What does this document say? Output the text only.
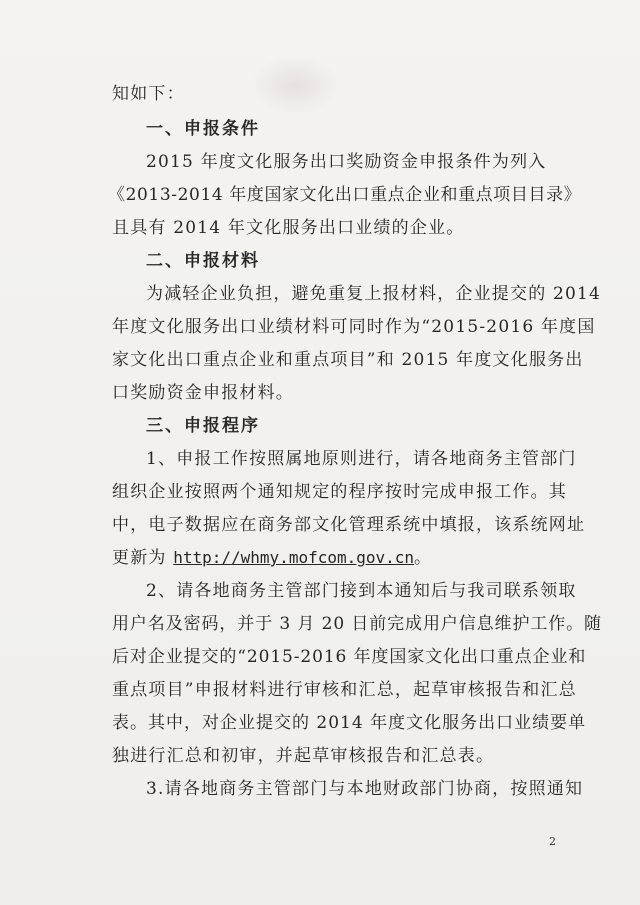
知如下：
一、申报条件
2015 年度文化服务出口奖励资金申报条件为列入
《2013-2014 年度国家文化出口重点企业和重点项目目录》
且具有 2014 年文化服务出口业绩的企业。
二、申报材料
为减轻企业负担，避免重复上报材料，企业提交的 2014
年度文化服务出口业绩材料可同时作为“2015-2016 年度国
家文化出口重点企业和重点项目”和 2015 年度文化服务出
口奖励资金申报材料。
三、申报程序
1、申报工作按照属地原则进行，请各地商务主管部门
组织企业按照两个通知规定的程序按时完成申报工作。其
中，电子数据应在商务部文化管理系统中填报，该系统网址
更新为 http://whmy.mofcom.gov.cn。
2、请各地商务主管部门接到本通知后与我司联系领取
用户名及密码，并于 3 月 20 日前完成用户信息维护工作。随
后对企业提交的“2015-2016 年度国家文化出口重点企业和
重点项目”申报材料进行审核和汇总，起草审核报告和汇总
表。其中，对企业提交的 2014 年度文化服务出口业绩要单
独进行汇总和初审，并起草审核报告和汇总表。
3.请各地商务主管部门与本地财政部门协商，按照通知
2
